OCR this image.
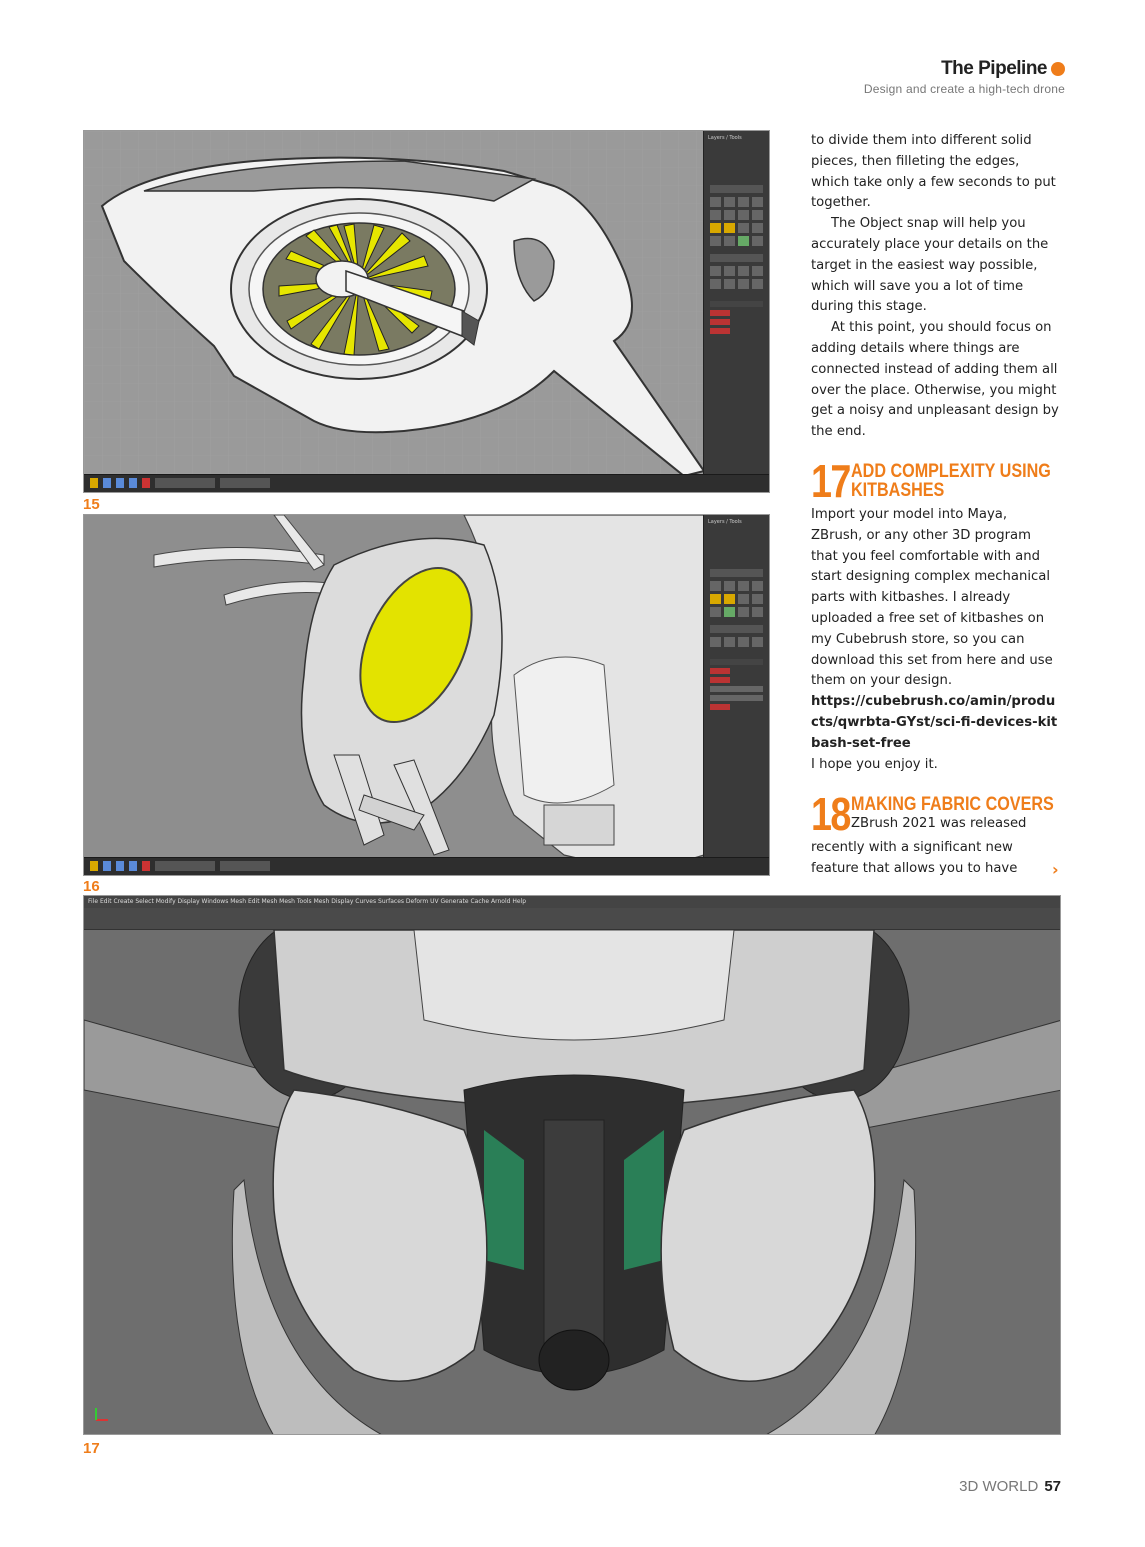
The Pipeline
Design and create a high-tech drone
Layers / Tools
15
Layers / Tools
16
File Edit Create Select Modify Display Windows Mesh Edit Mesh Mesh Tools Mesh Display Curves Surfaces Deform UV Generate Cache Arnold Help
17

to divide them into different solid pieces, then filleting the edges, which take only a few seconds to put together.

The Object snap will help you accurately place your details on the target in the easiest way possible, which will save you a lot of time during this stage.

At this point, you should focus on adding details where things are connected instead of adding them all over the place. Otherwise, you might get a noisy and unpleasant design by the end.

17 ADD COMPLEXITY USING
KITBASHES

Import your model into Maya, ZBrush, or any other 3D program that you feel comfortable with and start designing complex mechanical parts with kitbashes. I already uploaded a free set of kitbashes on my Cubebrush store, so you can download this set from here and use them on your design.

https://cubebrush.co/amin/products/qwrbta-GYst/sci-fi-devices-kitbash-set-free

I hope you enjoy it.

18 MAKING FABRIC COVERS
ZBrush 2021 was released

recently with a significant new feature that allows you to have	›
3D WORLD 57
